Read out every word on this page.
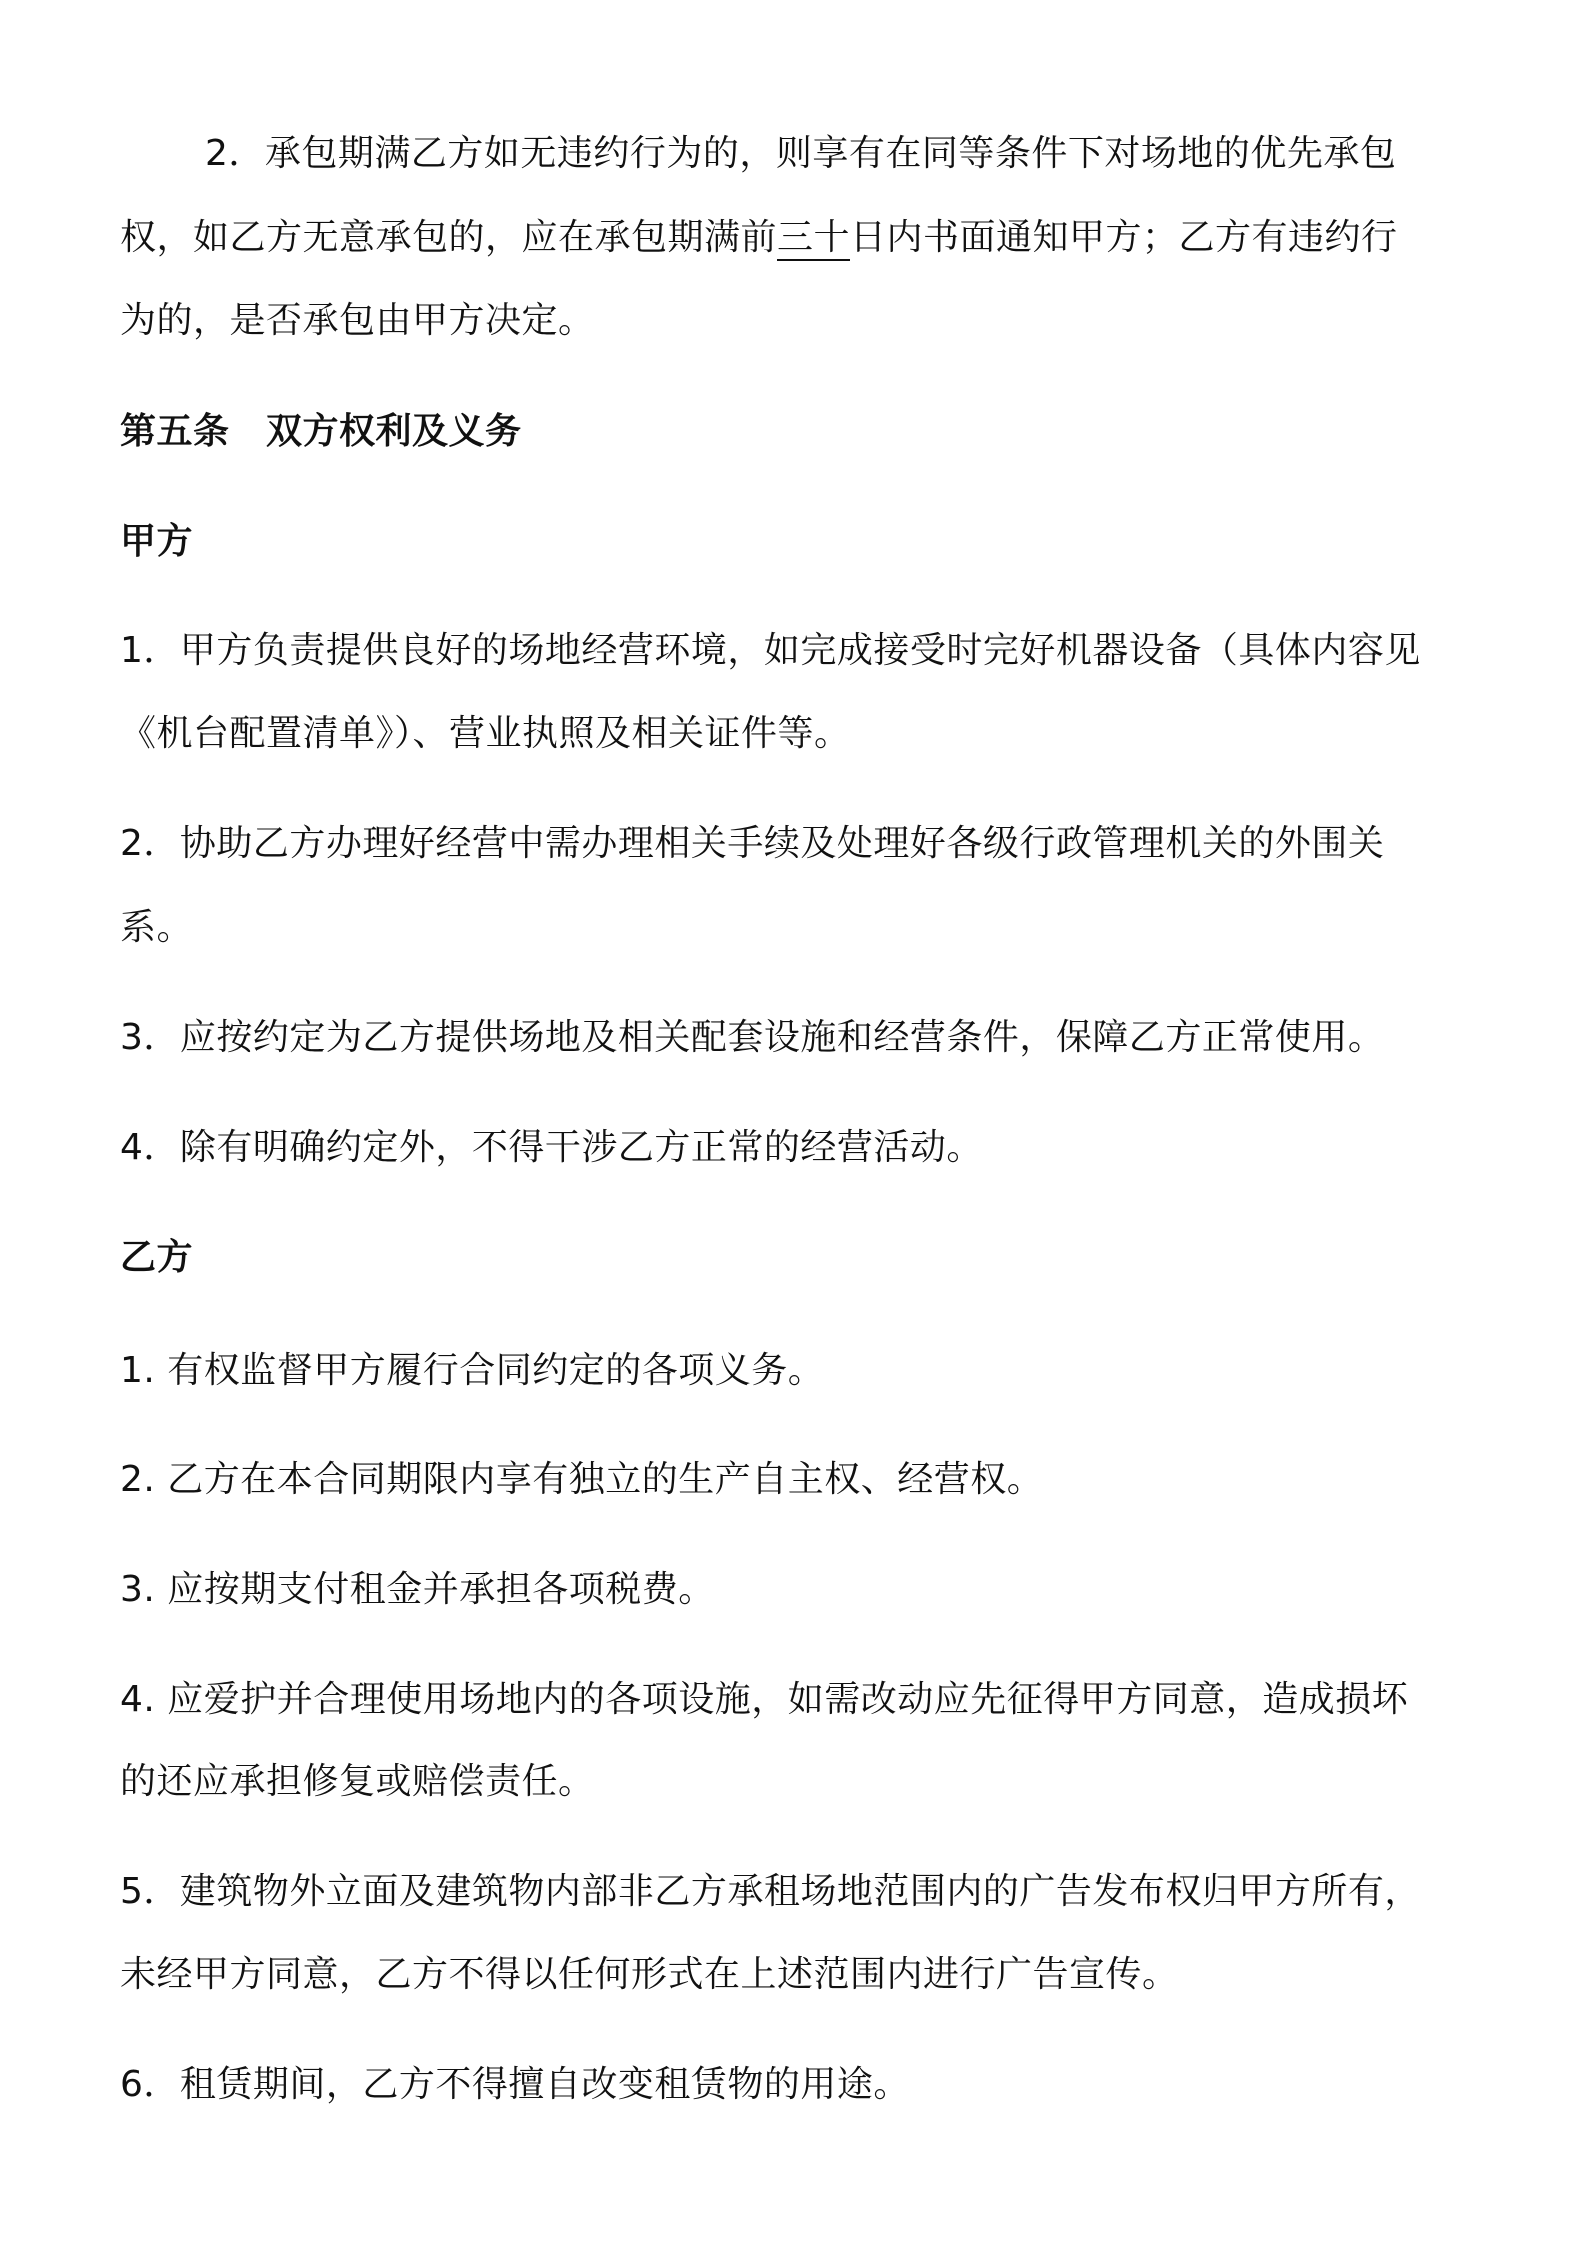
2．承包期满乙方如无违约行为的，则享有在同等条件下对场地的优先承包
权，如乙方无意承包的，应在承包期满前三十日内书面通知甲方；乙方有违约行
为的，是否承包由甲方决定。
第五条　双方权利及义务
甲方
1．甲方负责提供良好的场地经营环境，如完成接受时完好机器设备（具体内容见
《机台配置清单》）、营业执照及相关证件等。
2．协助乙方办理好经营中需办理相关手续及处理好各级行政管理机关的外围关
系。
3．应按约定为乙方提供场地及相关配套设施和经营条件，保障乙方正常使用。
4．除有明确约定外，不得干涉乙方正常的经营活动。
乙方
1. 有权监督甲方履行合同约定的各项义务。
2. 乙方在本合同期限内享有独立的生产自主权、经营权。
3. 应按期支付租金并承担各项税费。
4. 应爱护并合理使用场地内的各项设施，如需改动应先征得甲方同意，造成损坏
的还应承担修复或赔偿责任。
5．建筑物外立面及建筑物内部非乙方承租场地范围内的广告发布权归甲方所有，
未经甲方同意，乙方不得以任何形式在上述范围内进行广告宣传。
6．租赁期间，乙方不得擅自改变租赁物的用途。
